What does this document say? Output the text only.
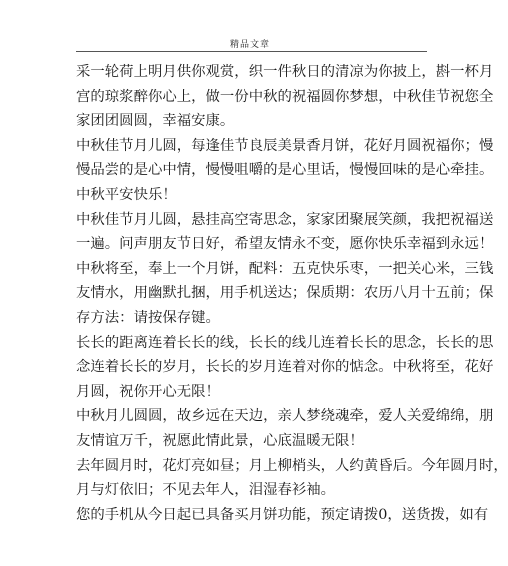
精品文章
采一轮荷上明月供你观赏，织一件秋日的清凉为你披上，斟一杯月
宫的琼浆醉你心上，做一份中秋的祝福圆你梦想，中秋佳节祝您全
家团团圆圆，幸福安康。
中秋佳节月儿圆，每逢佳节良辰美景香月饼，花好月圆祝福你；慢
慢品尝的是心中情，慢慢咀嚼的是心里话，慢慢回味的是心牵挂。
中秋平安快乐！
中秋佳节月儿圆，悬挂高空寄思念，家家团聚展笑颜，我把祝福送
一遍。问声朋友节日好，希望友情永不变，愿你快乐幸福到永远！
中秋将至，奉上一个月饼，配料：五克快乐枣，一把关心米，三钱
友情水，用幽默扎捆，用手机送达；保质期：农历八月十五前；保
存方法：请按保存键。
长长的距离连着长长的线，长长的线儿连着长长的思念，长长的思
念连着长长的岁月，长长的岁月连着对你的惦念。中秋将至，花好
月圆，祝你开心无限！
中秋月儿圆圆，故乡远在天边，亲人梦绕魂牵，爱人关爱绵绵，朋
友情谊万千，祝愿此情此景，心底温暖无限！
去年圆月时，花灯亮如昼；月上柳梢头，人约黄昏后。今年圆月时，
月与灯依旧；不见去年人，泪湿春衫袖。
您的手机从今日起已具备买月饼功能，预定请拨0，送货拨，如有
